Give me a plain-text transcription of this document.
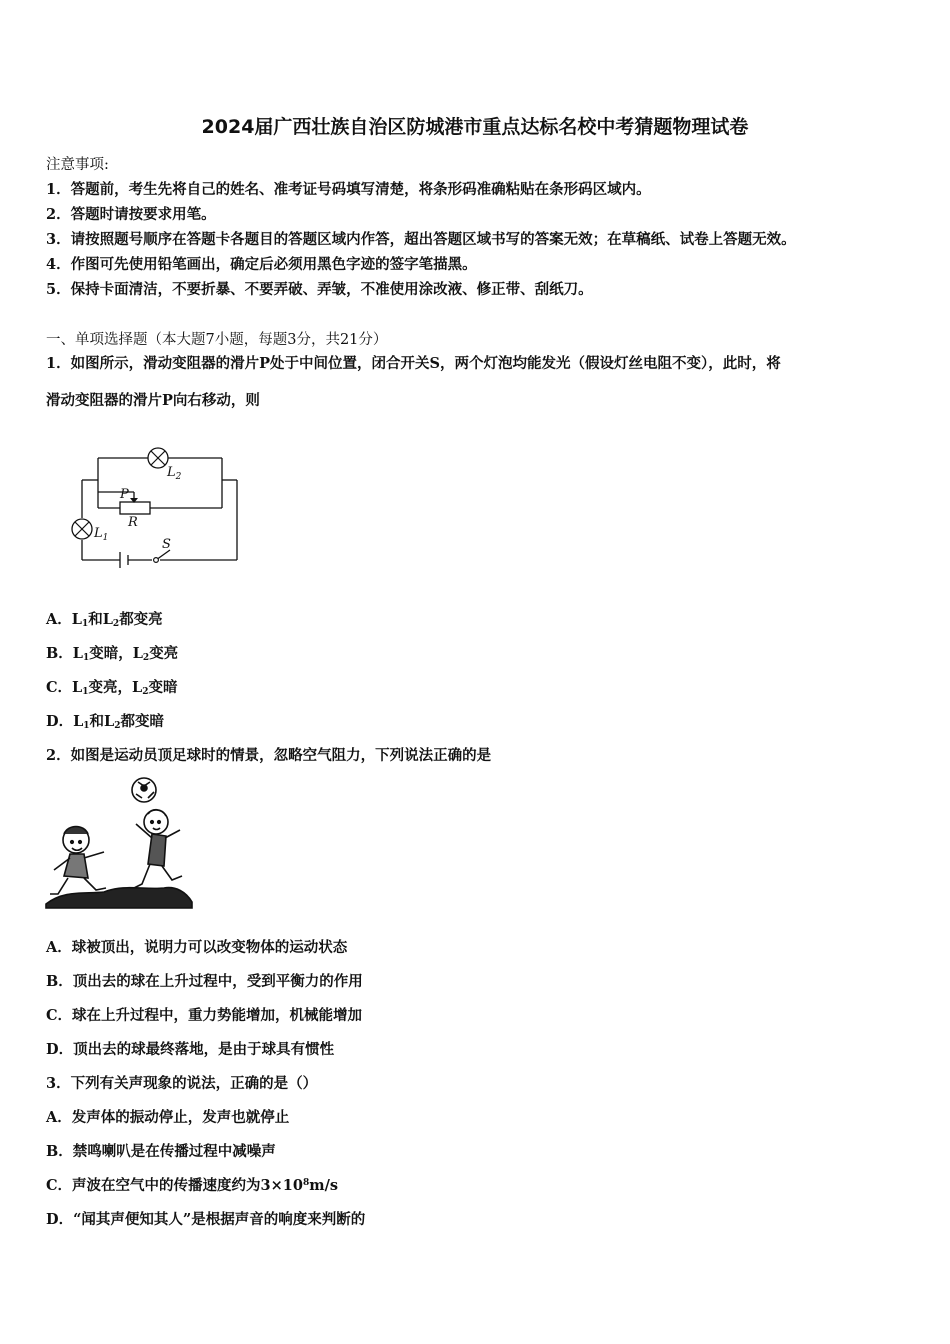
2024届广西壮族自治区防城港市重点达标名校中考猜题物理试卷
注意事项:
1．答题前，考生先将自己的姓名、准考证号码填写清楚，将条形码准确粘贴在条形码区域内。
2．答题时请按要求用笔。
3．请按照题号顺序在答题卡各题目的答题区域内作答，超出答题区域书写的答案无效；在草稿纸、试卷上答题无效。
4．作图可先使用铅笔画出，确定后必须用黑色字迹的签字笔描黑。
5．保持卡面清洁，不要折暴、不要弄破、弄皱，不准使用涂改液、修正带、刮纸刀。
一、单项选择题（本大题7小题，每题3分，共21分）
1．如图所示，滑动变阻器的滑片P处于中间位置，闭合开关S，两个灯泡均能发光（假设灯丝电阻不变），此时，将
滑动变阻器的滑片P向右移动，则
$L_2$
P
R
$L_1$	S
A．$L_1$和$L_2$都变亮
B．$L_1$变暗，$L_2$变亮
C．$L_1$变亮，$L_2$变暗
D．$L_1$和$L_2$都变暗
2．如图是运动员顶足球时的情景，忽略空气阻力，下列说法正确的是
A．球被顶出，说明力可以改变物体的运动状态
B．顶出去的球在上升过程中，受到平衡力的作用
C．球在上升过程中，重力势能增加，机械能增加
D．顶出去的球最终落地，是由于球具有惯性
3．下列有关声现象的说法，正确的是（）
A．发声体的振动停止，发声也就停止
B．禁鸣喇叭是在传播过程中减噪声
C．声波在空气中的传播速度约为$3\times 10^8m/s$
D．“闻其声便知其人”是根据声音的响度来判断的
